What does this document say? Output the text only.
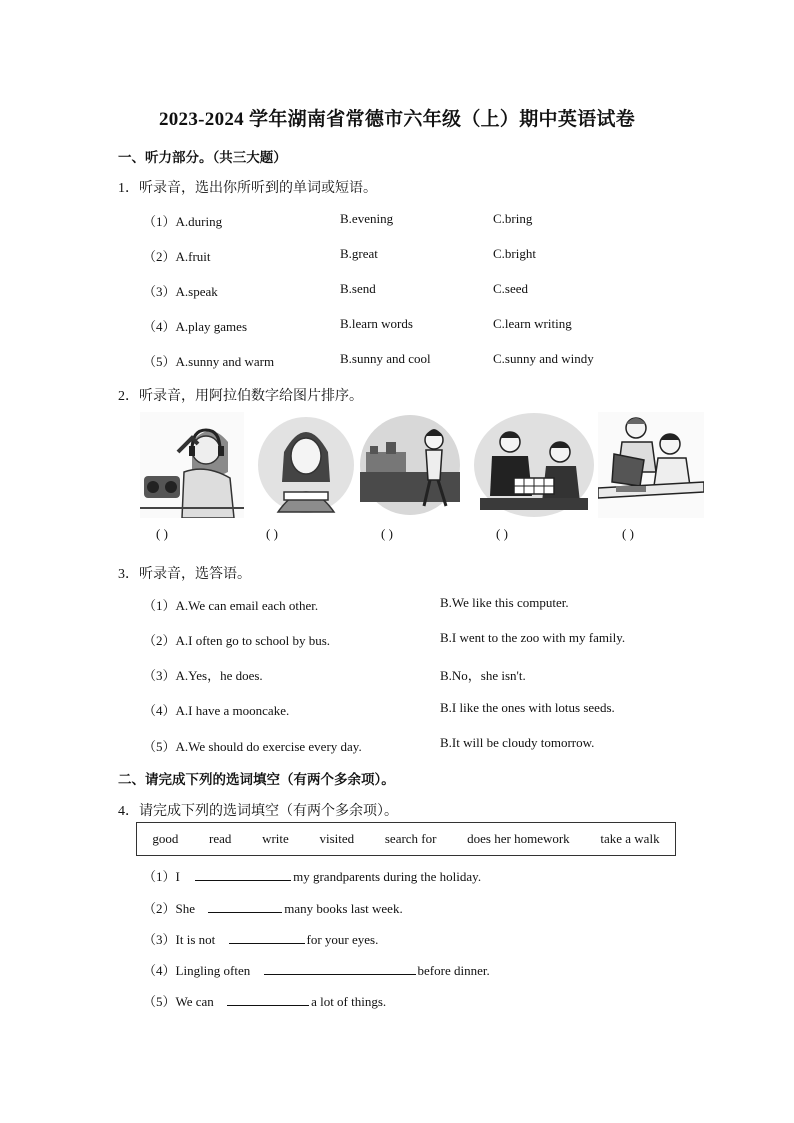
2023-2024 学年湖南省常德市六年级（上）期中英语试卷
一、听力部分。（共三大题）
1．听录音，选出你所听到的单词或短语。
（1）A.during	B.evening	C.bring
（2）A.fruit	B.great	C.bright
（3）A.speak	B.send	C.seed
（4）A.play games	B.learn words	C.learn writing
（5）A.sunny and warm	B.sunny and cool	C.sunny and windy
2．听录音，用阿拉伯数字给图片排序。
( )	( )	( )	( )	( )
3．听录音，选答语。
（1）A.We can email each other.	B.We like this computer.
（2）A.I often go to school by bus.	B.I went to the zoo with my family.
（3）A.Yes，he does.	B.No，she isn't.
（4）A.I have a mooncake.	B.I like the ones with lotus seeds.
（5）A.We should do exercise every day.	B.It will be cloudy tomorrow.
二、请完成下列的选词填空（有两个多余项）。
4．请完成下列的选词填空（有两个多余项）。
good read write visited search for does her homework take a walk
（1）I	my grandparents during the holiday.
（2）She	many books last week.
（3）It is not	for your eyes.
（4）Lingling often	before dinner.
（5）We can	a lot of things.
